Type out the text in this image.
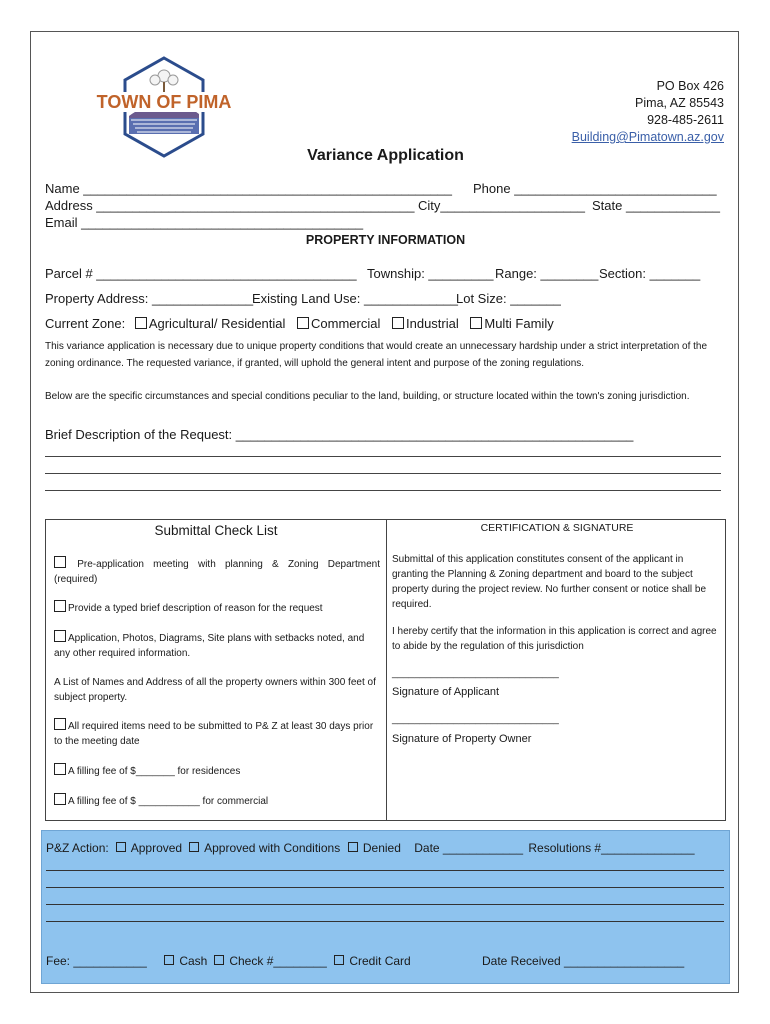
TOWN OF PIMA
PO Box 426
Pima, AZ 85543
928-485-2611
Building@Pimatown.az.gov
Variance Application
Name ___________________________________________________ Phone ____________________________
Address ____________________________________________ City____________________ State _____________
Email _______________________________________
PROPERTY INFORMATION
Parcel # ____________________________________ Township: _________ Range: ________ Section: _______
Property Address: ______________
Existing Land Use: _____________
Lot Size: _______
Current Zone: Agricultural/ Residential Commercial Industrial Multi Family
This variance application is necessary due to unique property conditions that would create an unnecessary hardship under a strict interpretation of the zoning ordinance. The requested variance, if granted, will uphold the general intent and purpose of the zoning regulations.
Below are the specific circumstances and special conditions peculiar to the land, building, or structure located within the town's zoning jurisdiction.
Brief Description of the Request: _______________________________________________________
Submittal Check List
Pre-application meeting with planning & Zoning Department (required)
Provide a typed brief description of reason for the request
Application, Photos, Diagrams, Site plans with setbacks noted, and any other required information.
A List of Names and Address of all the property owners within 300 feet of subject property.
All required items need to be submitted to P& Z at least 30 days prior to the meeting date
A filling fee of $_______ for residences
A filling fee of $ ___________ for commercial
CERTIFICATION & SIGNATURE
Submittal of this application constitutes consent of the applicant in granting the Planning & Zoning department and board to the subject property during the project review. No further consent or notice shall be required.
I hereby certify that the information in this application is correct and agree to abide by the regulation of this jurisdiction
______________________________
Signature of Applicant
______________________________
Signature of Property Owner
P&Z Action: Approved Approved with Conditions Denied Date ____________ Resolutions #______________
Fee: ___________	Cash	Check #________	Credit Card	Date Received __________________
